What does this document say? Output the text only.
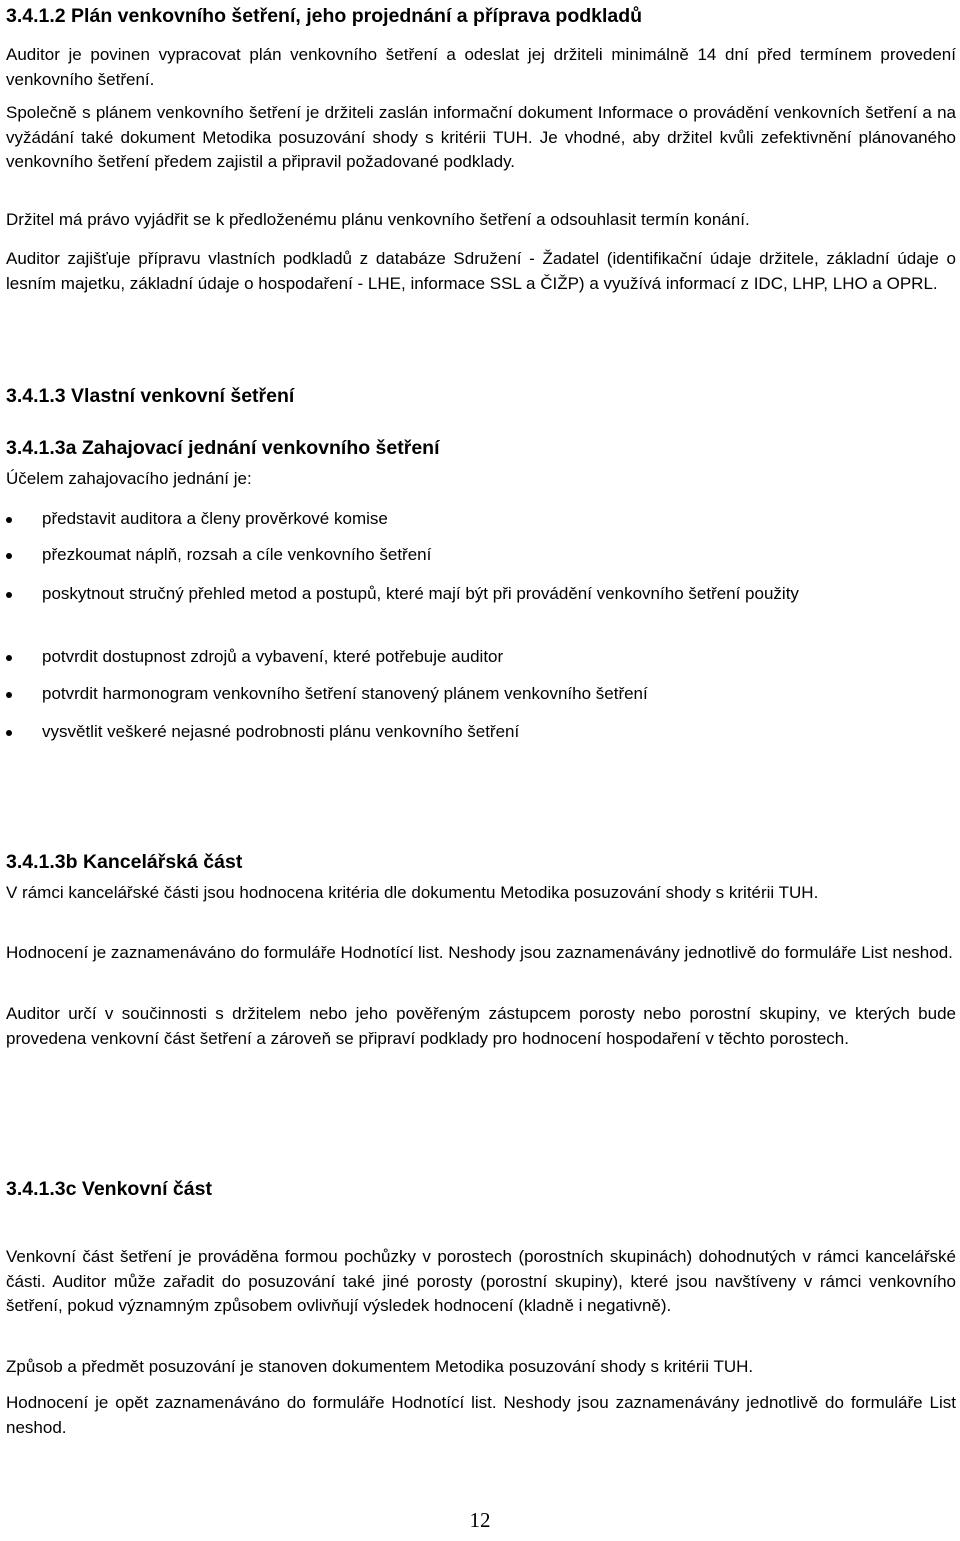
3.4.1.2 Plán venkovního šetření, jeho projednání a příprava podkladů

Auditor je povinen vypracovat plán venkovního šetření a odeslat jej držiteli minimálně 14 dní před termínem provedení venkovního šetření.

Společně s plánem venkovního šetření je držiteli zaslán informační dokument Informace o provádění venkovních šetření a na vyžádání také dokument Metodika posuzování shody s kritérii TUH. Je vhodné, aby držitel kvůli zefektivnění plánovaného venkovního šetření předem zajistil a připravil požadované podklady.

Držitel má právo vyjádřit se k předloženému plánu venkovního šetření a odsouhlasit termín konání.

Auditor zajišťuje přípravu vlastních podkladů z databáze Sdružení - Žadatel (identifikační údaje držitele, základní údaje o lesním majetku, základní údaje o hospodaření - LHE, informace SSL a ČIŽP) a využívá informací z IDC, LHP, LHO a OPRL.

3.4.1.3 Vlastní venkovní šetření
3.4.1.3a Zahajovací jednání venkovního šetření

Účelem zahajovacího jednání je:

představit auditora a členy prověrkové komise
přezkoumat náplň, rozsah a cíle venkovního šetření
poskytnout stručný přehled metod a postupů, které mají být při provádění venkovního šetření použity
potvrdit dostupnost zdrojů a vybavení, které potřebuje auditor
potvrdit harmonogram venkovního šetření stanovený plánem venkovního šetření
vysvětlit veškeré nejasné podrobnosti plánu venkovního šetření
3.4.1.3b Kancelářská část

V rámci kancelářské části jsou hodnocena kritéria dle dokumentu Metodika posuzování shody s kritérii TUH.

Hodnocení je zaznamenáváno do formuláře Hodnotící list. Neshody jsou zaznamenávány jednotlivě do formuláře List neshod.

Auditor určí v součinnosti s držitelem nebo jeho pověřeným zástupcem porosty nebo porostní skupiny, ve kterých bude provedena venkovní část šetření a zároveň se připraví podklady pro hodnocení hospodaření v těchto porostech.

3.4.1.3c Venkovní část

Venkovní část šetření je prováděna formou pochůzky v porostech (porostních skupinách) dohodnutých v rámci kancelářské části. Auditor může zařadit do posuzování také jiné porosty (porostní skupiny), které jsou navštíveny v rámci venkovního šetření, pokud významným způsobem ovlivňují výsledek hodnocení (kladně i negativně).

Způsob a předmět posuzování je stanoven dokumentem Metodika posuzování shody s kritérii TUH.

Hodnocení je opět zaznamenáváno do formuláře Hodnotící list. Neshody jsou zaznamenávány jednotlivě do formuláře List neshod.

12
